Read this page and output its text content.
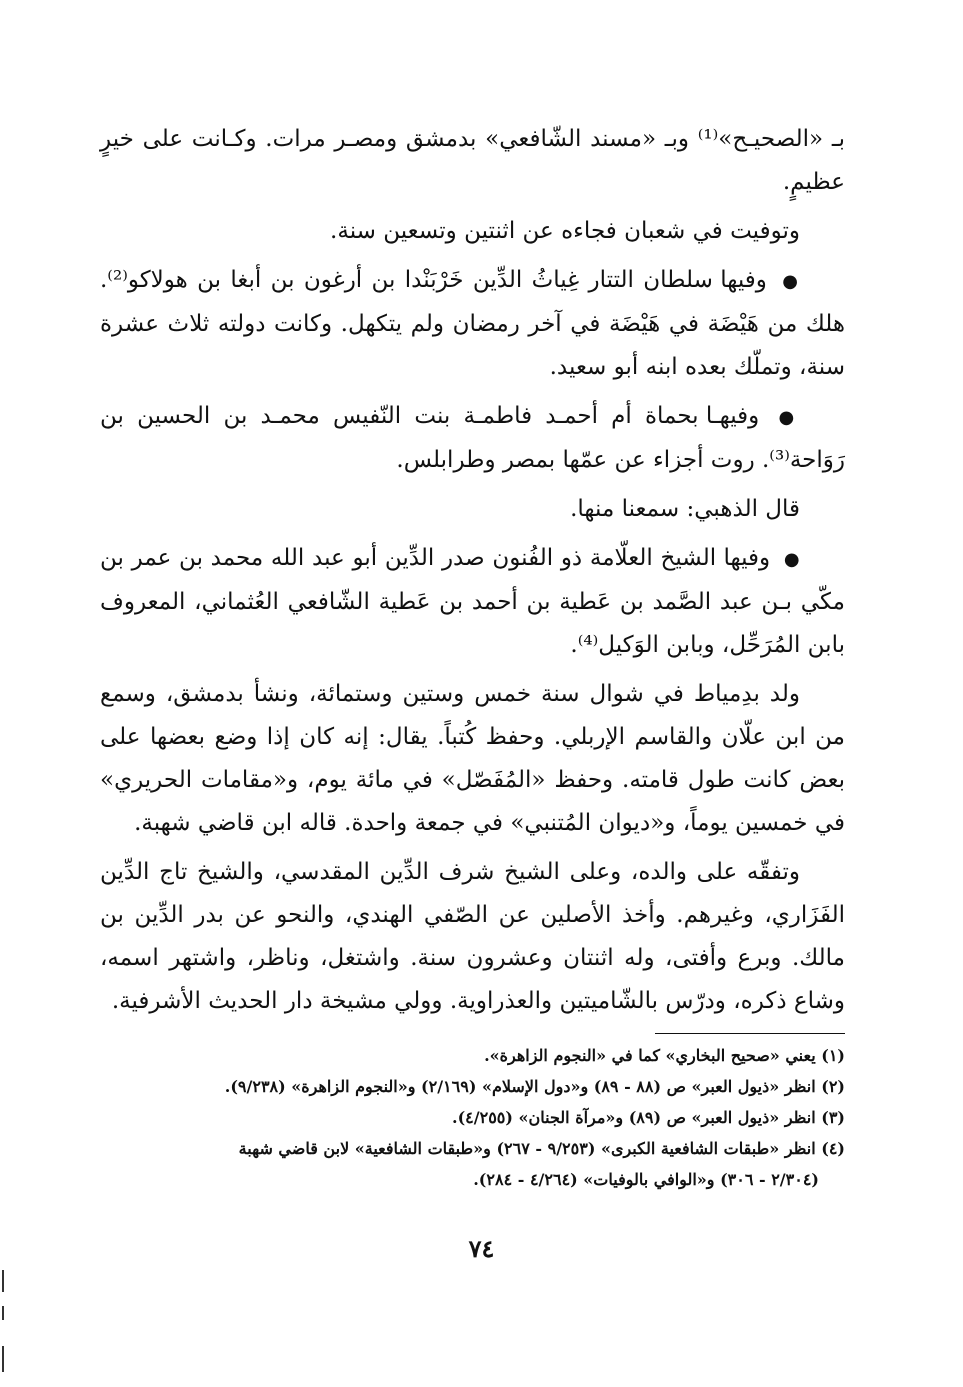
بـ «الصحيـح»⁽¹⁾ وبـ «مسند الشّافعي» بدمشق ومصـر مرات. وكـانت على خيرٍ عظيمٍ.

وتوفيت في شعبان فجاءه عن اثنتين وتسعين سنة.

● وفيها سلطان التتار غِياثُ الدِّين خَرْبَنْدا بن أرغون بن أبغا بن هولاكو⁽²⁾. هلك من هَيْضَة في هَيْضَة في آخر رمضان ولم يتكهل. وكانت دولته ثلاث عشرة سنة، وتملّك بعده ابنه أبو سعيد.

● وفيهـا بحماة أم أحمـد فاطمـة بنت النّفيس محمـد بن الحسين بن رَوَاحة⁽³⁾. روت أجزاء عن عمّها بمصر وطرابلس.

قال الذهبي: سمعنا منها.

● وفيها الشيخ العلّامة ذو الفُنون صدر الدِّين أبو عبد الله محمد بن عمر بن مكّي بـن عبد الصَّمد بن عَطية بن أحمد بن عَطية الشّافعي العُثماني، المعروف بابن المُرَحِّل، وبابن الوَكيل⁽⁴⁾.

ولد بدِمياط في شوال سنة خمس وستين وستمائة، ونشأ بدمشق، وسمع من ابن علّان والقاسم الإربلي. وحفظ كُتباً. يقال: إنه كان إذا وضع بعضها على بعض كانت طول قامته. وحفظ «المُفَصّل» في مائة يوم، و«مقامات الحريري» في خمسين يوماً، و«ديوان المُتنبي» في جمعة واحدة. قاله ابن قاضي شهبة.

وتفقّه على والده، وعلى الشيخ شرف الدِّين المقدسي، والشيخ تاج الدِّين الفَزَاري، وغيرهم. وأخذ الأصلين عن الصّفي الهندي، والنحو عن بدر الدِّين بن مالك. وبرع وأفتى، وله اثنتان وعشرون سنة. واشتغل، وناظر، واشتهر اسمه، وشاع ذكره، ودرّس بالشّاميتين والعذراوية. وولي مشيخة دار الحديث الأشرفية.

(١) يعني «صحيح البخاري» كما في «النجوم الزاهرة».

(٢) انظر «ذيول العبر» ص (٨٨ - ٨٩) و«دول الإسلام» (٢/١٦٩) و«النجوم الزاهرة» (٩/٢٣٨).

(٣) انظر «ذيول العبر» ص (٨٩) و«مرآة الجنان» (٤/٢٥٥).

(٤) انظر «طبقات الشافعية الكبرى» (٩/٢٥٣ - ٢٦٧) و«طبقات الشافعية» لابن قاضي شهبة

(٢/٣٠٤ - ٣٠٦) و«الوافي بالوفيات» (٤/٢٦٤ - ٢٨٤).

٧٤
